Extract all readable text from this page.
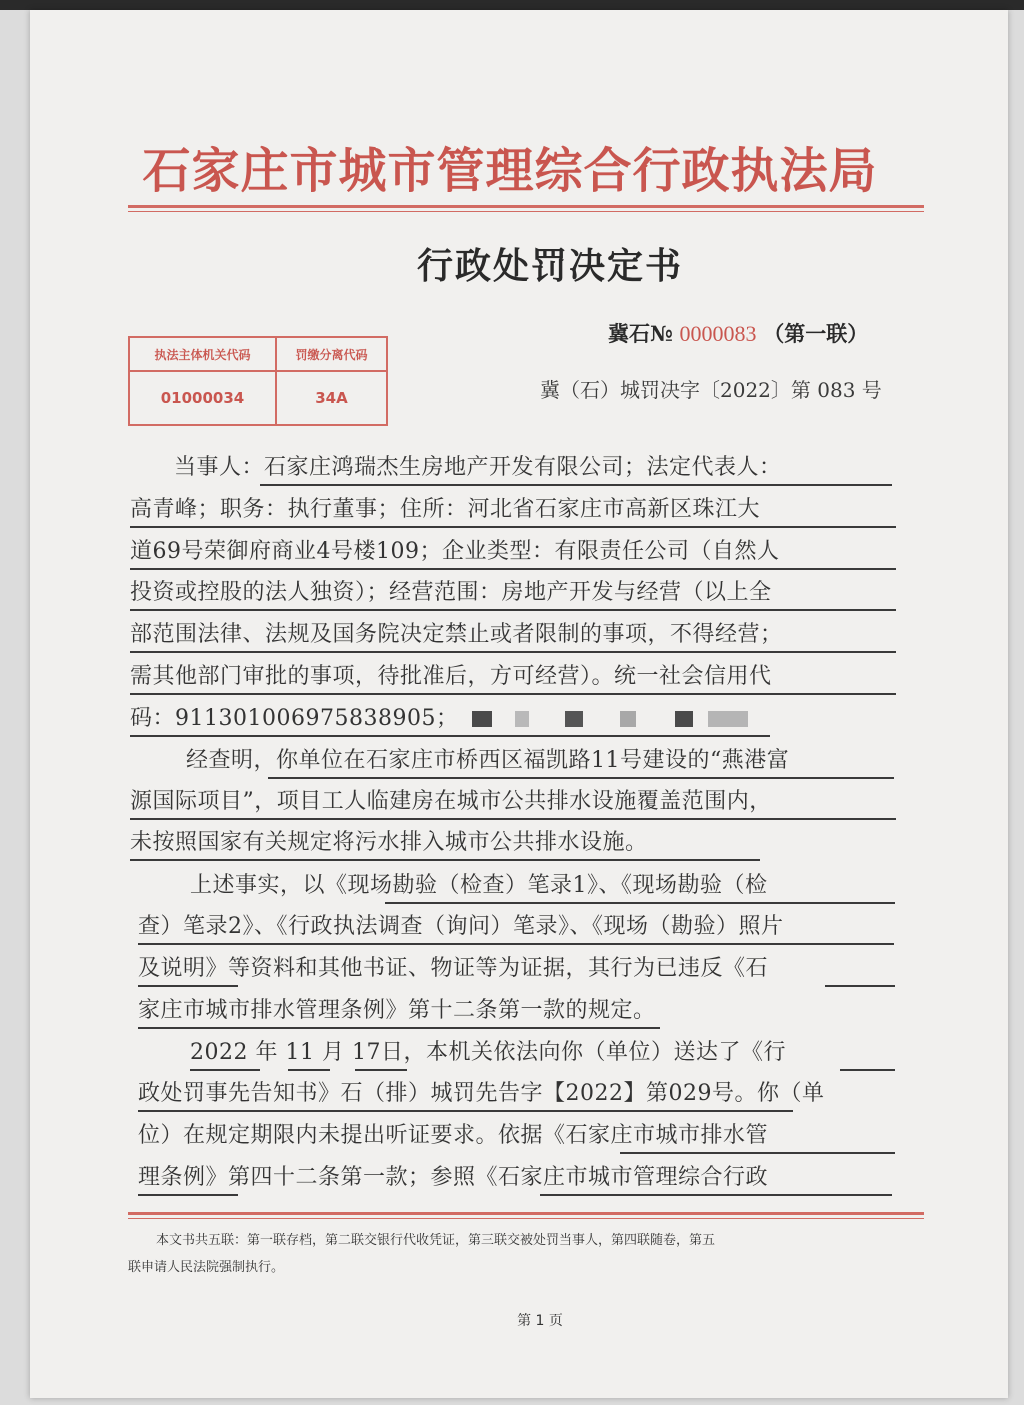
石家庄市城市管理综合行政执法局
行政处罚决定书
执法主体机关代码	罚缴分离代码
01000034	34A
冀石№ 0000083 （第一联）
冀（石）城罚决字〔2022〕第 083 号
当事人：石家庄鸿瑞杰生房地产开发有限公司；法定代表人：
高青峰；职务：执行董事；住所：河北省石家庄市高新区珠江大
道69号荣御府商业4号楼109；企业类型：有限责任公司（自然人
投资或控股的法人独资）；经营范围：房地产开发与经营（以上全
部范围法律、法规及国务院决定禁止或者限制的事项，不得经营；
需其他部门审批的事项，待批准后，方可经营）。统一社会信用代
码：911301006975838905；
经查明，你单位在石家庄市桥西区福凯路11号建设的“燕港富
源国际项目”，项目工人临建房在城市公共排水设施覆盖范围内，
未按照国家有关规定将污水排入城市公共排水设施。
上述事实，以《现场勘验（检查）笔录1》、《现场勘验（检
查）笔录2》、《行政执法调查（询问）笔录》、《现场（勘验）照片
及说明》等资料和其他书证、物证等为证据，其行为已违反《石
家庄市城市排水管理条例》第十二条第一款的规定。
2022 年 11 月 17日，本机关依法向你（单位）送达了《行
政处罚事先告知书》石（排）城罚先告字【2022】第029号。你（单
位）在规定期限内未提出听证要求。依据《石家庄市城市排水管
理条例》第四十二条第一款；参照《石家庄市城市管理综合行政
本文书共五联：第一联存档，第二联交银行代收凭证，第三联交被处罚当事人，第四联随卷，第五
联申请人民法院强制执行。
第 1 页
